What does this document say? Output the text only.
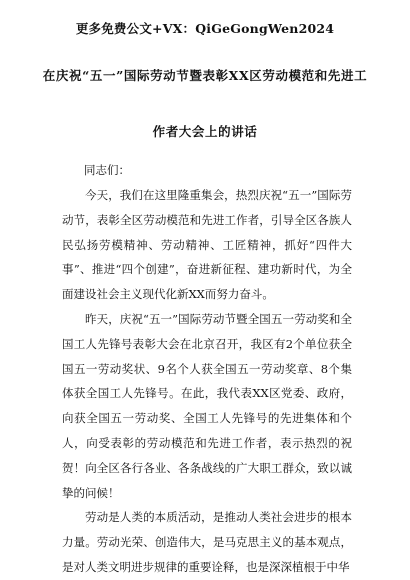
更多免费公文+VX：QiGeGongWen2024
在庆祝“五一”国际劳动节暨表彰XX区劳动模范和先进工
作者大会上的讲话
同志们：

今天，我们在这里隆重集会，热烈庆祝“五一”国际劳动节，表彰全区劳动模范和先进工作者，引导全区各族人民弘扬劳模精神、劳动精神、工匠精神，抓好“四件大事”、推进“四个创建”，奋进新征程、建功新时代，为全面建设社会主义现代化新XX而努力奋斗。

昨天，庆祝“五一”国际劳动节暨全国五一劳动奖和全国工人先锋号表彰大会在北京召开，我区有2个单位获全国五一劳动奖状、9名个人获全国五一劳动奖章、8个集体获全国工人先锋号。在此，我代表XX区党委、政府，向获全国五一劳动奖、全国工人先锋号的先进集体和个人，向受表彰的劳动模范和先进工作者，表示热烈的祝贺！向全区各行各业、各条战线的广大职工群众，致以诚挚的问候！

劳动是人类的本质活动，是推动人类社会进步的根本力量。劳动光荣、创造伟大，是马克思主义的基本观点，是对人类文明进步规律的重要诠释，也是深深植根于中华
